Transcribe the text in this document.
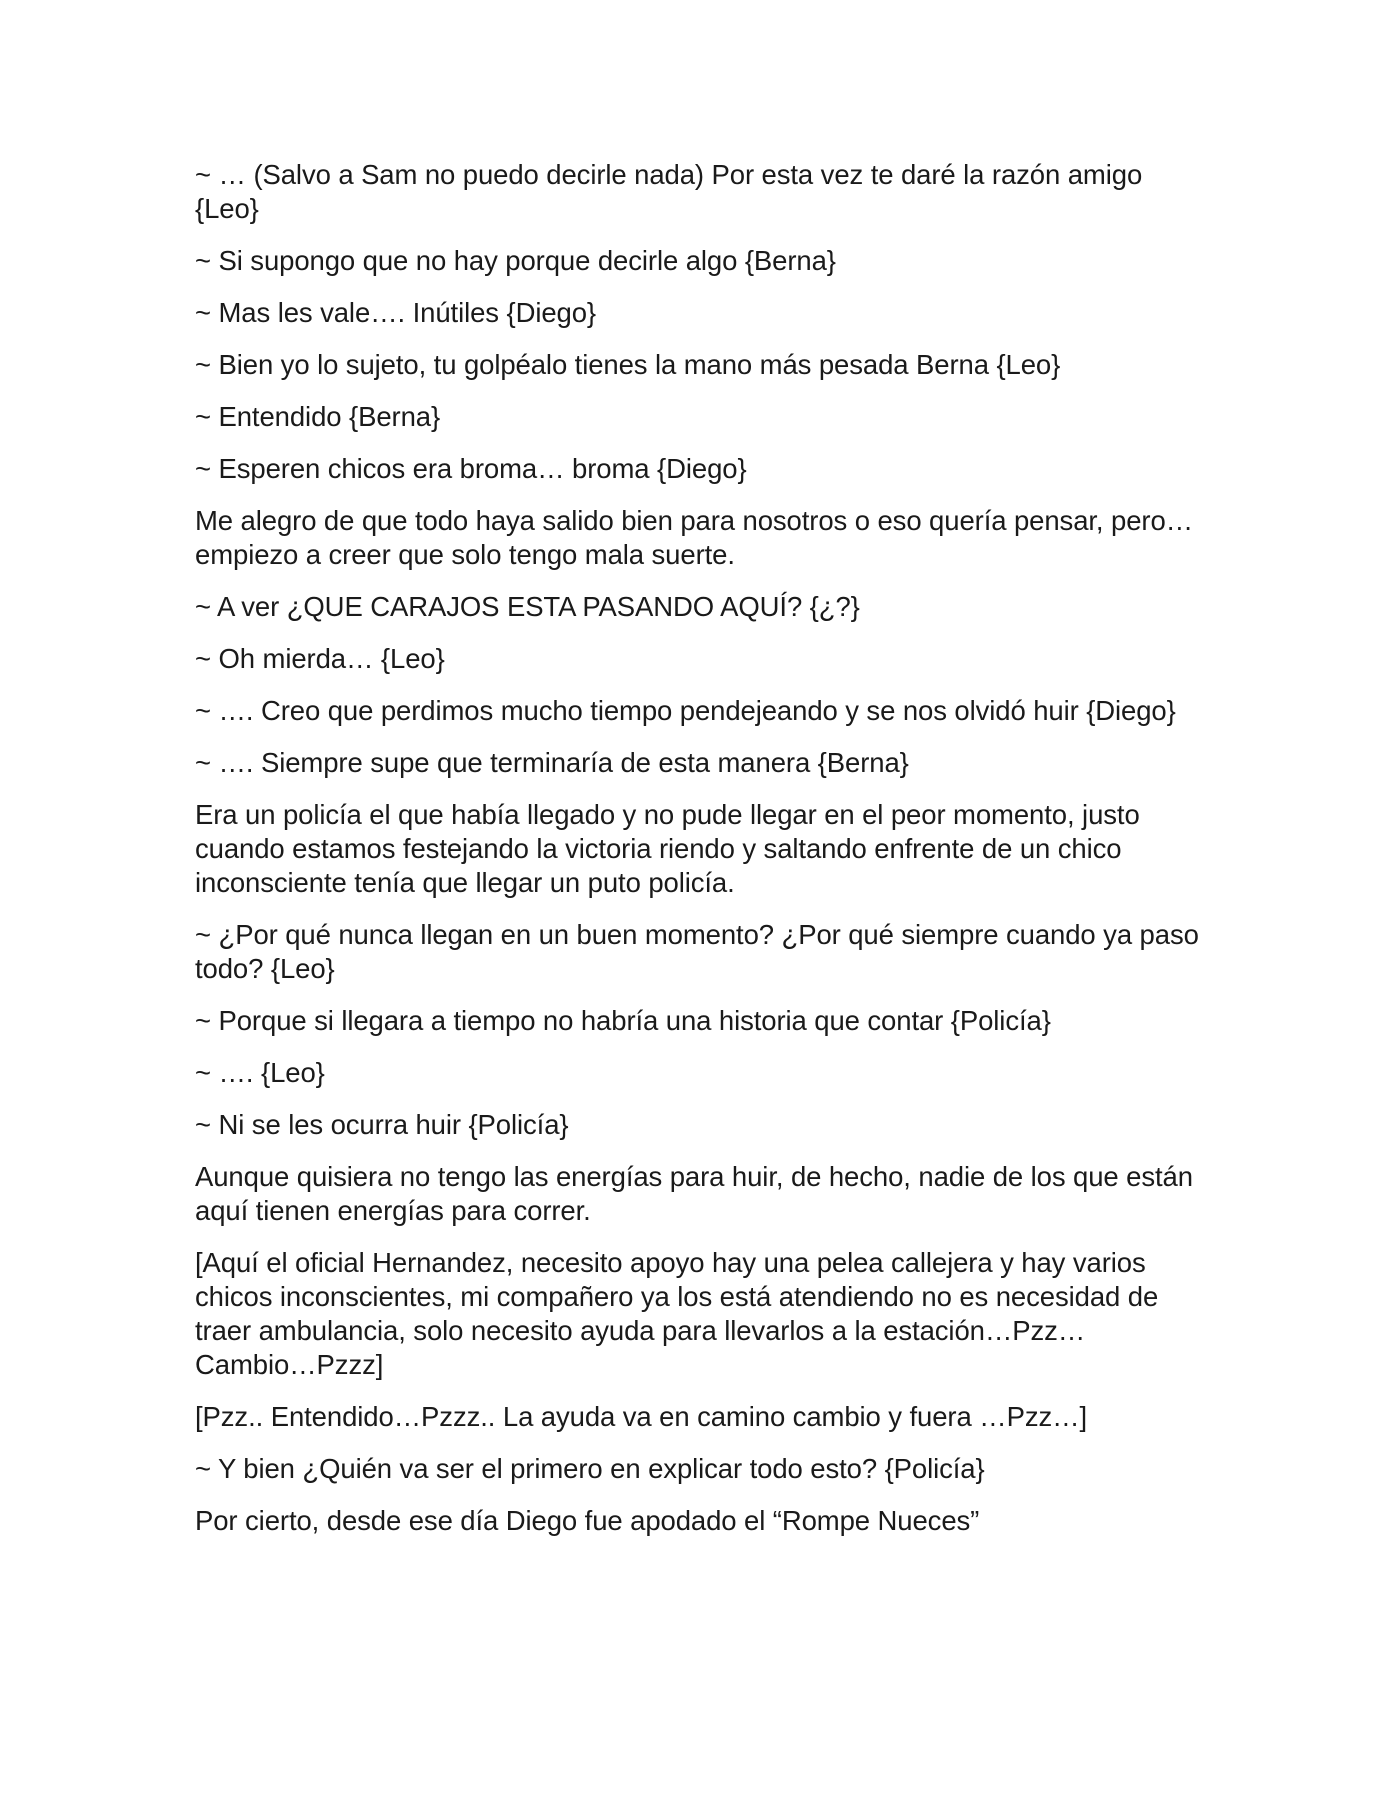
~ … (Salvo a Sam no puedo decirle nada) Por esta vez te daré la razón amigo {Leo}

~ Si supongo que no hay porque decirle algo {Berna}

~ Mas les vale…. Inútiles {Diego}

~ Bien yo lo sujeto, tu golpéalo tienes la mano más pesada Berna {Leo}

~ Entendido {Berna}

~ Esperen chicos era broma… broma {Diego}

Me alegro de que todo haya salido bien para nosotros o eso quería pensar, pero… empiezo a creer que solo tengo mala suerte.

~ A ver ¿QUE CARAJOS ESTA PASANDO AQUÍ? {¿?}

~ Oh mierda… {Leo}

~ …. Creo que perdimos mucho tiempo pendejeando y se nos olvidó huir {Diego}

~ …. Siempre supe que terminaría de esta manera {Berna}

Era un policía el que había llegado y no pude llegar en el peor momento, justo cuando estamos festejando la victoria riendo y saltando enfrente de un chico inconsciente tenía que llegar un puto policía.

~ ¿Por qué nunca llegan en un buen momento? ¿Por qué siempre cuando ya paso todo? {Leo}

~ Porque si llegara a tiempo no habría una historia que contar {Policía}

~ …. {Leo}

~ Ni se les ocurra huir {Policía}

Aunque quisiera no tengo las energías para huir, de hecho, nadie de los que están aquí tienen energías para correr.

[Aquí el oficial Hernandez, necesito apoyo hay una pelea callejera y hay varios chicos inconscientes, mi compañero ya los está atendiendo no es necesidad de traer ambulancia, solo necesito ayuda para llevarlos a la estación…Pzz… Cambio…Pzzz]

[Pzz.. Entendido…Pzzz.. La ayuda va en camino cambio y fuera …Pzz…]

~ Y bien ¿Quién va ser el primero en explicar todo esto? {Policía}

Por cierto, desde ese día Diego fue apodado el “Rompe Nueces”
